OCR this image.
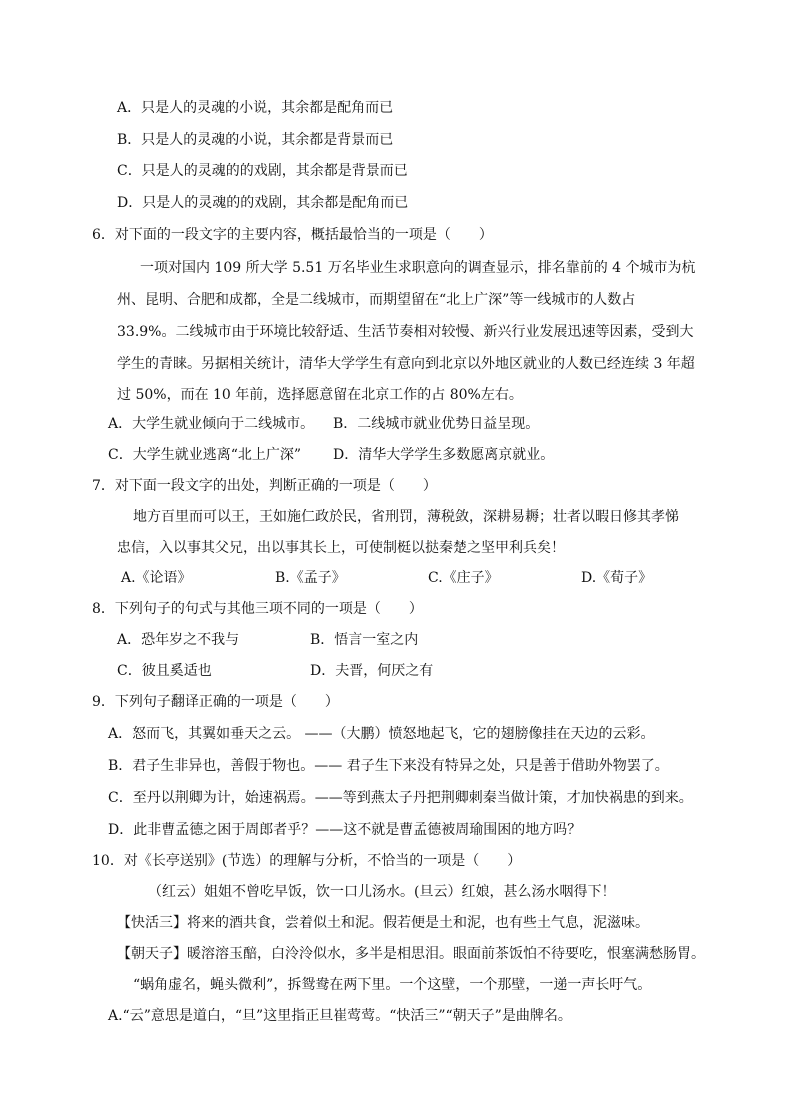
A．只是人的灵魂的小说，其余都是配角而已
B．只是人的灵魂的小说，其余都是背景而已
C．只是人的灵魂的的戏剧，其余都是背景而已
D．只是人的灵魂的的戏剧，其余都是配角而已
6．对下面的一段文字的主要内容，概括最恰当的一项是（　　）
一项对国内 109 所大学 5.51 万名毕业生求职意向的调查显示，排名靠前的 4 个城市为杭
州、昆明、合肥和成都，全是二线城市，而期望留在“北上广深”等一线城市的人数占
33.9%。二线城市由于环境比较舒适、生活节奏相对较慢、新兴行业发展迅速等因素，受到大
学生的青睐。另据相关统计，清华大学学生有意向到北京以外地区就业的人数已经连续 3 年超
过 50%，而在 10 年前，选择愿意留在北京工作的占 80%左右。
A．大学生就业倾向于二线城市。 B．二线城市就业优势日益呈现。
C．大学生就业逃离“北上广深” D．清华大学学生多数愿离京就业。
7．对下面一段文字的出处，判断正确的一项是（　　）
地方百里而可以王，王如施仁政於民，省刑罚，薄税敛，深耕易耨；壮者以暇日修其孝悌
忠信，入以事其父兄，出以事其长上，可使制梃以挞秦楚之坚甲利兵矣！
A.《论语》	B.《孟子》	C.《庄子》	D.《荀子》
8．下列句子的句式与其他三项不同的一项是（　　）
A．恐年岁之不我与	B．悟言一室之内
C．彼且奚适也	D．夫晋，何厌之有
9．下列句子翻译正确的一项是（　　）
A．怒而飞，其翼如垂天之云。 ——（大鹏）愤怒地起飞，它的翅膀像挂在天边的云彩。
B．君子生非异也，善假于物也。—— 君子生下来没有特异之处，只是善于借助外物罢了。
C．至丹以荆卿为计，始速祸焉。——等到燕太子丹把荆卿刺秦当做计策，才加快祸患的到来。
D．此非曹孟德之困于周郎者乎？——这不就是曹孟德被周瑜围困的地方吗？
10．对《长亭送别》(节选）的理解与分析，不恰当的一项是（　　）
（红云）姐姐不曾吃早饭，饮一口儿汤水。(旦云）红娘，甚么汤水咽得下！
【快活三】将来的酒共食，尝着似土和泥。假若便是土和泥，也有些土气息，泥滋味。
【朝天子】暖溶溶玉醅，白泠泠似水，多半是相思泪。眼面前茶饭怕不待要吃，恨塞满愁肠胃。
“蜗角虚名，蝇头微利”，拆鸳鸯在两下里。一个这壁，一个那壁，一递一声长吁气。
A.“云”意思是道白，“旦”这里指正旦崔莺莺。“快活三”“朝天子”是曲牌名。
